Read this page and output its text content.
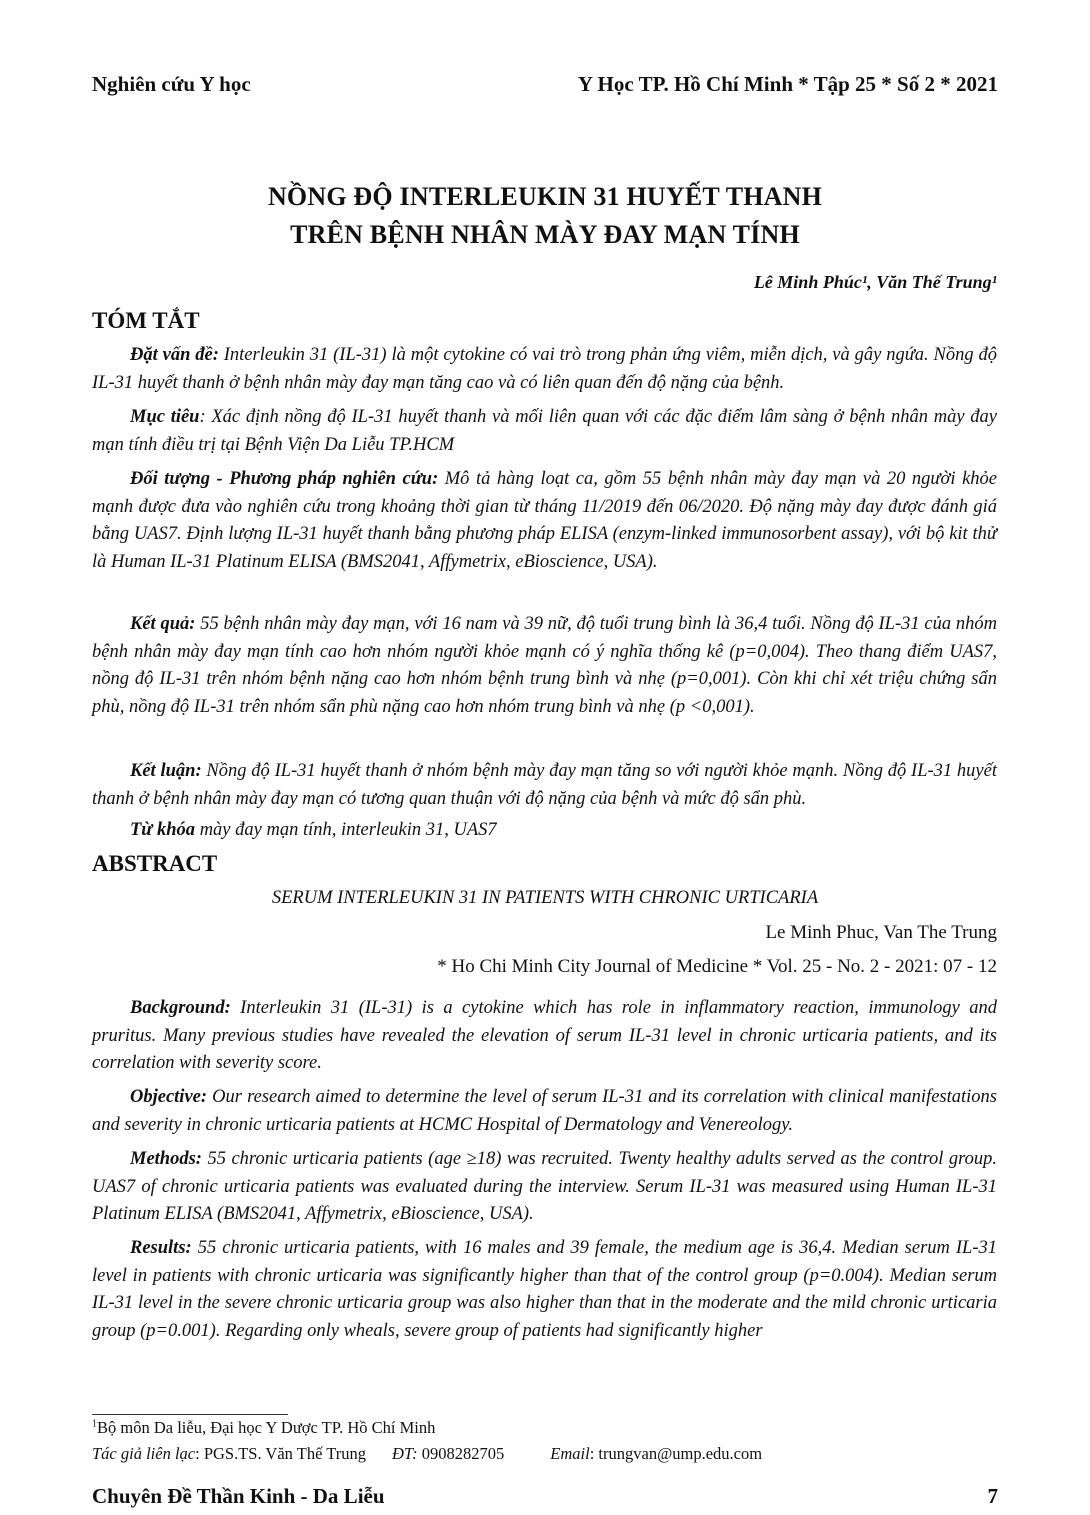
Nghiên cứu Y học	Y Học TP. Hồ Chí Minh * Tập 25 * Số 2 * 2021
NỒNG ĐỘ INTERLEUKIN 31 HUYẾT THANH
TRÊN BỆNH NHÂN MÀY ĐAY MẠN TÍNH
Lê Minh Phúc¹, Văn Thế Trung¹
TÓM TẮT
Đặt vấn đề: Interleukin 31 (IL-31) là một cytokine có vai trò trong phản ứng viêm, miễn dịch, và gây ngứa. Nồng độ IL-31 huyết thanh ở bệnh nhân mày đay mạn tăng cao và có liên quan đến độ nặng của bệnh.
Mục tiêu: Xác định nồng độ IL-31 huyết thanh và mối liên quan với các đặc điểm lâm sàng ở bệnh nhân mày đay mạn tính điều trị tại Bệnh Viện Da Liễu TP.HCM
Đối tượng - Phương pháp nghiên cứu: Mô tả hàng loạt ca, gồm 55 bệnh nhân mày đay mạn và 20 người khỏe mạnh được đưa vào nghiên cứu trong khoảng thời gian từ tháng 11/2019 đến 06/2020. Độ nặng mày đay được đánh giá bằng UAS7. Định lượng IL-31 huyết thanh bằng phương pháp ELISA (enzym-linked immunosorbent assay), với bộ kit thử là Human IL-31 Platinum ELISA (BMS2041, Affymetrix, eBioscience, USA).
Kết quả: 55 bệnh nhân mày đay mạn, với 16 nam và 39 nữ, độ tuổi trung bình là 36,4 tuổi. Nồng độ IL-31 của nhóm bệnh nhân mày đay mạn tính cao hơn nhóm người khỏe mạnh có ý nghĩa thống kê (p=0,004). Theo thang điểm UAS7, nồng độ IL-31 trên nhóm bệnh nặng cao hơn nhóm bệnh trung bình và nhẹ (p=0,001). Còn khi chỉ xét triệu chứng sẩn phù, nồng độ IL-31 trên nhóm sẩn phù nặng cao hơn nhóm trung bình và nhẹ (p <0,001).
Kết luận: Nồng độ IL-31 huyết thanh ở nhóm bệnh mày đay mạn tăng so với người khỏe mạnh. Nồng độ IL-31 huyết thanh ở bệnh nhân mày đay mạn có tương quan thuận với độ nặng của bệnh và mức độ sẩn phù.
Từ khóa mày đay mạn tính, interleukin 31, UAS7
ABSTRACT
SERUM INTERLEUKIN 31 IN PATIENTS WITH CHRONIC URTICARIA
Le Minh Phuc, Van The Trung
* Ho Chi Minh City Journal of Medicine * Vol. 25 - No. 2 - 2021: 07 - 12
Background: Interleukin 31 (IL-31) is a cytokine which has role in inflammatory reaction, immunology and pruritus. Many previous studies have revealed the elevation of serum IL-31 level in chronic urticaria patients, and its correlation with severity score.
Objective: Our research aimed to determine the level of serum IL-31 and its correlation with clinical manifestations and severity in chronic urticaria patients at HCMC Hospital of Dermatology and Venereology.
Methods: 55 chronic urticaria patients (age ≥18) was recruited. Twenty healthy adults served as the control group. UAS7 of chronic urticaria patients was evaluated during the interview. Serum IL-31 was measured using Human IL-31 Platinum ELISA (BMS2041, Affymetrix, eBioscience, USA).
Results: 55 chronic urticaria patients, with 16 males and 39 female, the medium age is 36,4. Median serum IL-31 level in patients with chronic urticaria was significantly higher than that of the control group (p=0.004). Median serum IL-31 level in the severe chronic urticaria group was also higher than that in the moderate and the mild chronic urticaria group (p=0.001). Regarding only wheals, severe group of patients had significantly higher
$^1$Bộ môn Da liễu, Đại học Y Dược TP. Hồ Chí Minh
Tác giả liên lạc: PGS.TS. Văn Thế Trung ĐT: 0908282705	Email: trungvan@ump.edu.com
Chuyên Đề Thần Kinh - Da Liễu	7
